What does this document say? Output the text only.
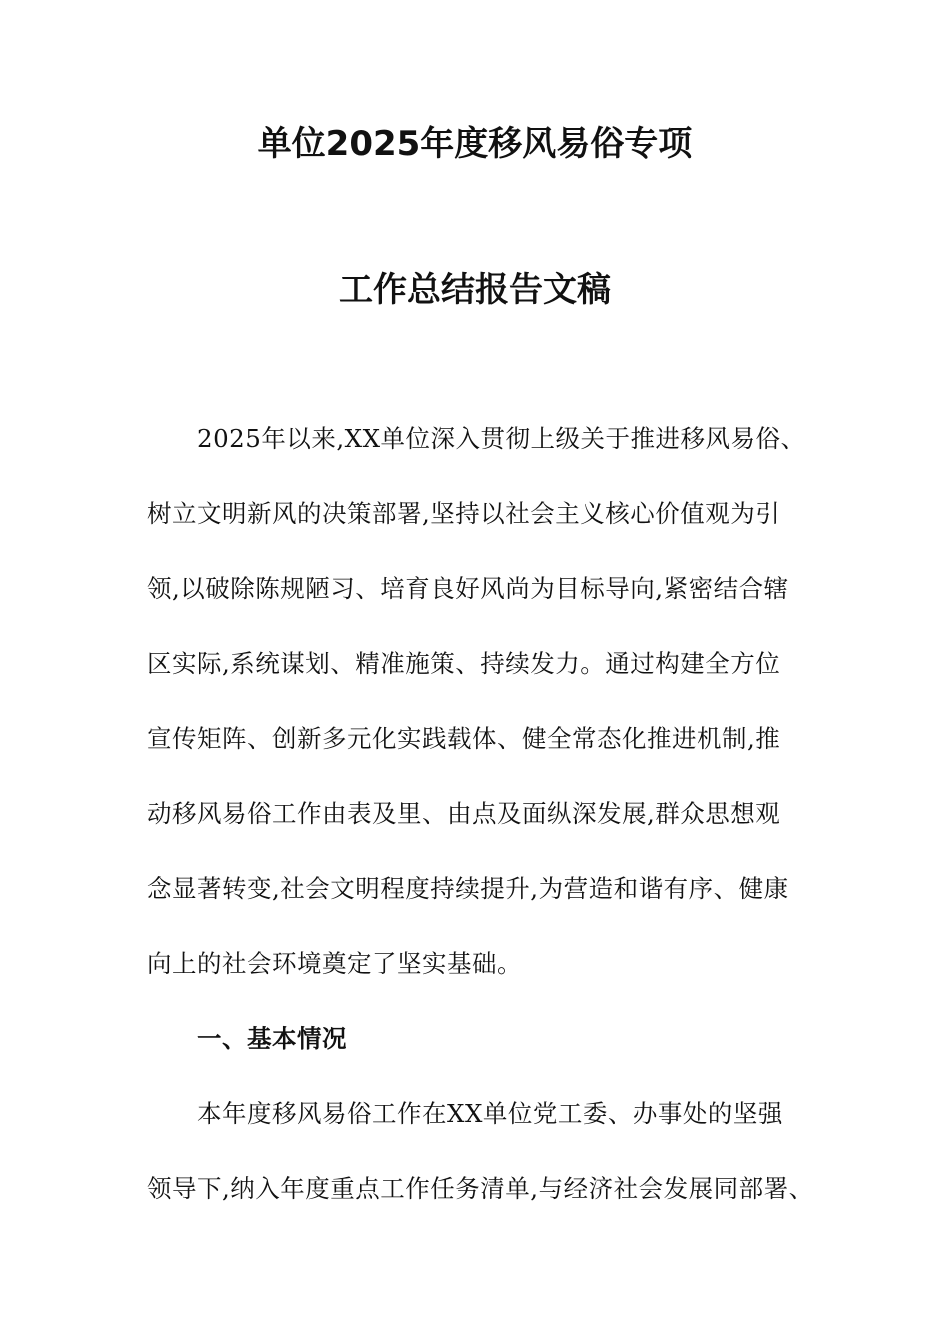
单位2025年度移风易俗专项
工作总结报告文稿
2025年以来,XX单位深入贯彻上级关于推进移风易俗、
树立文明新风的决策部署,坚持以社会主义核心价值观为引
领,以破除陈规陋习、培育良好风尚为目标导向,紧密结合辖
区实际,系统谋划、精准施策、持续发力。通过构建全方位
宣传矩阵、创新多元化实践载体、健全常态化推进机制,推
动移风易俗工作由表及里、由点及面纵深发展,群众思想观
念显著转变,社会文明程度持续提升,为营造和谐有序、健康
向上的社会环境奠定了坚实基础。
一、基本情况
本年度移风易俗工作在XX单位党工委、办事处的坚强
领导下,纳入年度重点工作任务清单,与经济社会发展同部署、
